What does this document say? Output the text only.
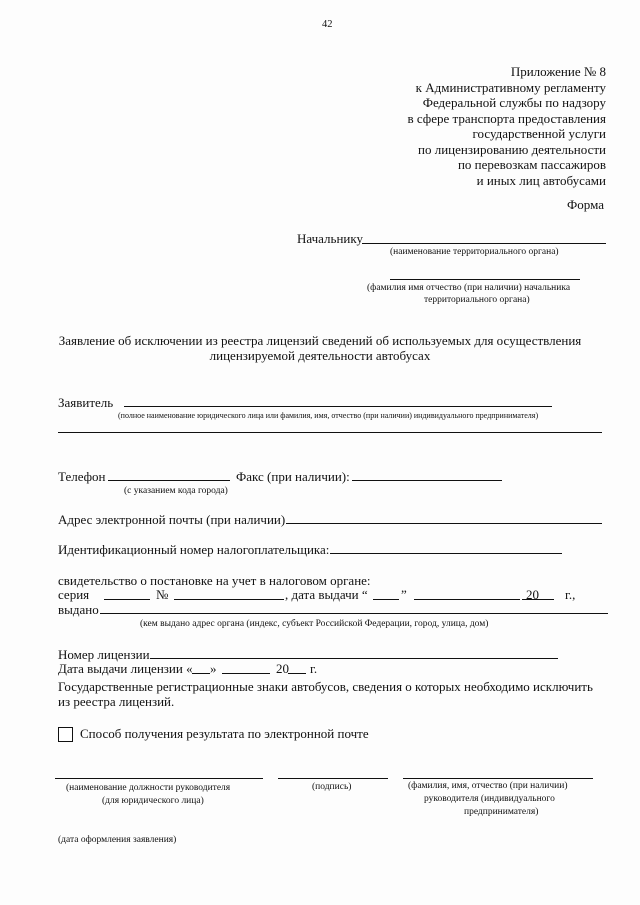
42
Приложение № 8
к Административному регламенту
Федеральной службы по надзору
в сфере транспорта предоставления
государственной услуги
по лицензированию деятельности
по перевозкам пассажиров
и иных лиц автобусами
Форма
Начальнику
(наименование территориального органа)
(фамилия имя отчество (при наличии) начальника
территориального органа)
Заявление об исключении из реестра лицензий сведений об используемых для осуществления
лицензируемой деятельности автобусах
Заявитель
(полное наименование юридического лица или фамилия, имя, отчество (при наличии) индивидуального предпринимателя)
Телефон
(с указанием кода города)
Факс (при наличии):
Адрес электронной почты (при наличии)
Идентификационный номер налогоплательщика:
свидетельство о постановке на учет в налоговом органе:
серия	№	, дата выдачи “	”	20 г.,
выдано
(кем выдано адрес органа (индекс, субъект Российской Федерации, город, улица, дом)
Номер лицензии
Дата выдачи лицензии « »	20 г.
Государственные регистрационные знаки автобусов, сведения о которых необходимо исключить
из реестра лицензий.
Способ получения результата по электронной почте
(наименование должности руководителя
(для юридического лица)
(подпись)	(фамилия, имя, отчество (при наличии)
руководителя (индивидуального
предпринимателя)
(дата оформления заявления)
